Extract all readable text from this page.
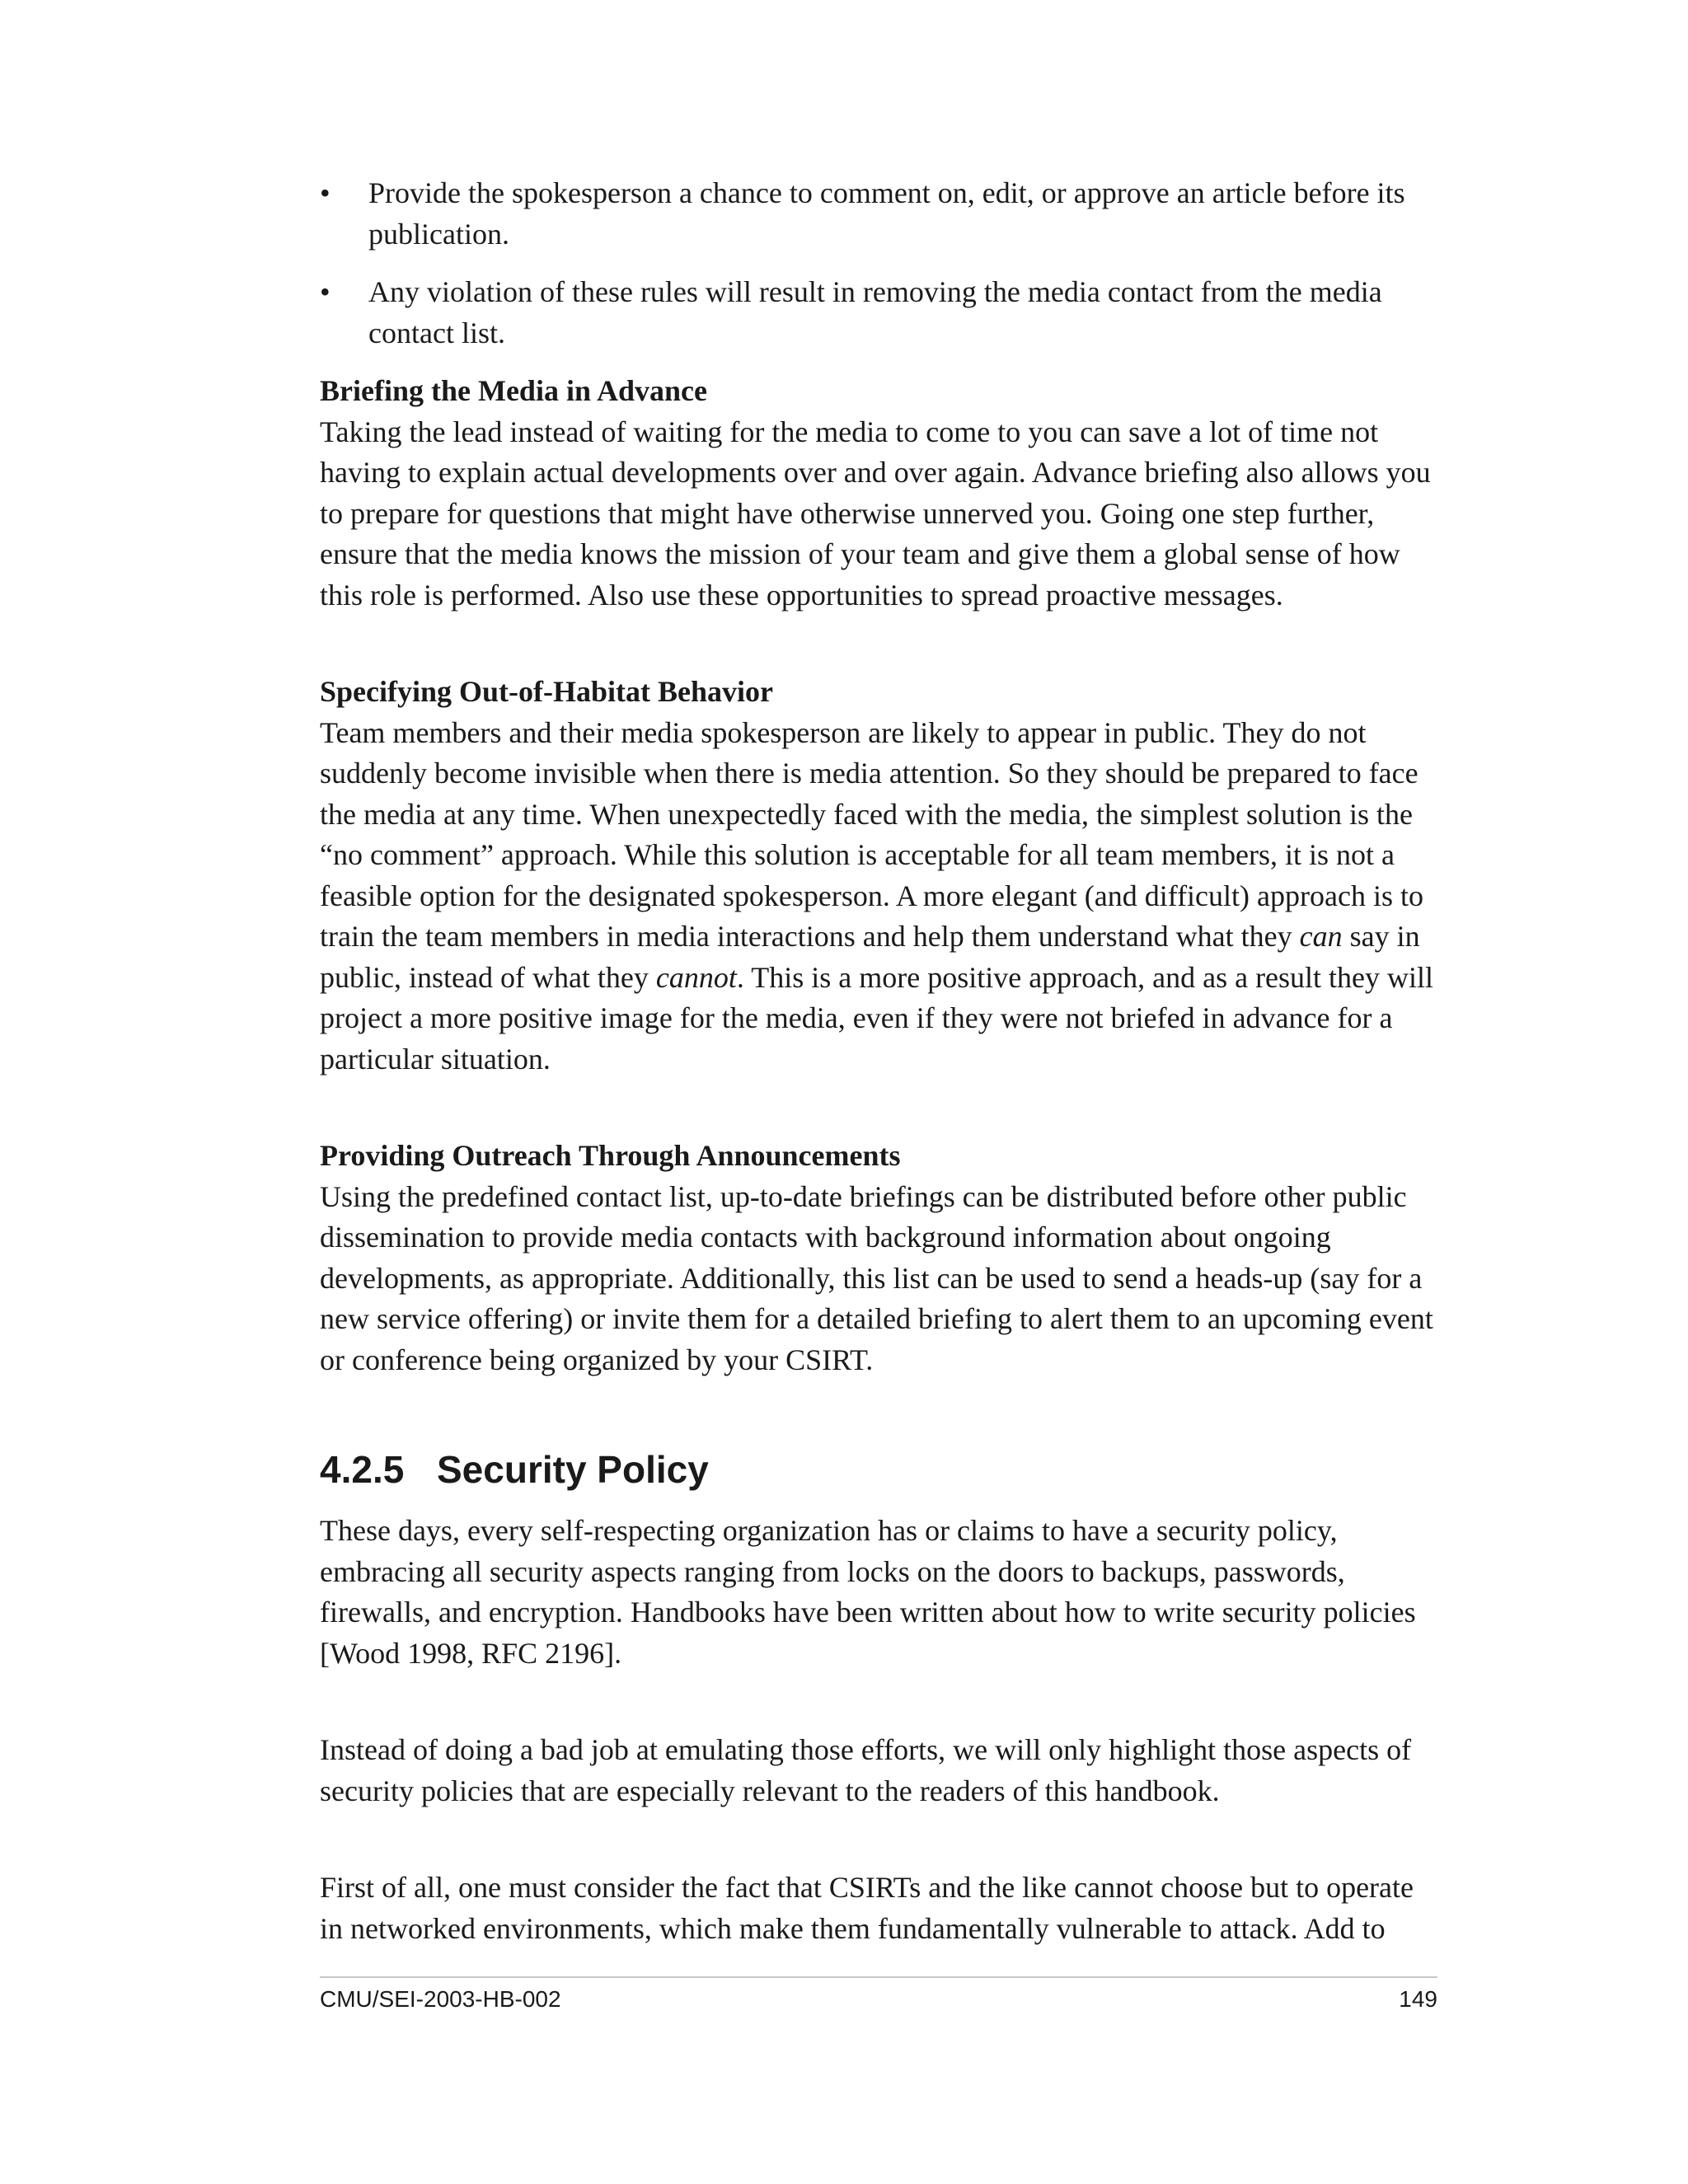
• Provide the spokesperson a chance to comment on, edit, or approve an article before its publication.
• Any violation of these rules will result in removing the media contact from the media contact list.

Briefing the Media in Advance

Taking the lead instead of waiting for the media to come to you can save a lot of time not having to explain actual developments over and over again. Advance briefing also allows you to prepare for questions that might have otherwise unnerved you. Going one step further, ensure that the media knows the mission of your team and give them a global sense of how this role is performed. Also use these opportunities to spread proactive messages.

Specifying Out-of-Habitat Behavior

Team members and their media spokesperson are likely to appear in public. They do not suddenly become invisible when there is media attention. So they should be prepared to face the media at any time. When unexpectedly faced with the media, the simplest solution is the “no comment” approach. While this solution is acceptable for all team members, it is not a feasible option for the designated spokesperson. A more elegant (and difficult) approach is to train the team members in media interactions and help them understand what they can say in public, instead of what they cannot. This is a more positive approach, and as a result they will project a more positive image for the media, even if they were not briefed in advance for a particular situation.

Providing Outreach Through Announcements

Using the predefined contact list, up-to-date briefings can be distributed before other public dissemination to provide media contacts with background information about ongoing developments, as appropriate. Additionally, this list can be used to send a heads-up (say for a new service offering) or invite them for a detailed briefing to alert them to an upcoming event or conference being organized by your CSIRT.

4.2.5 Security Policy

These days, every self-respecting organization has or claims to have a security policy, embracing all security aspects ranging from locks on the doors to backups, passwords, firewalls, and encryption. Handbooks have been written about how to write security policies [Wood 1998, RFC 2196].

Instead of doing a bad job at emulating those efforts, we will only highlight those aspects of security policies that are especially relevant to the readers of this handbook.

First of all, one must consider the fact that CSIRTs and the like cannot choose but to operate in networked environments, which make them fundamentally vulnerable to attack. Add to

CMU/SEI-2003-HB-002	149
